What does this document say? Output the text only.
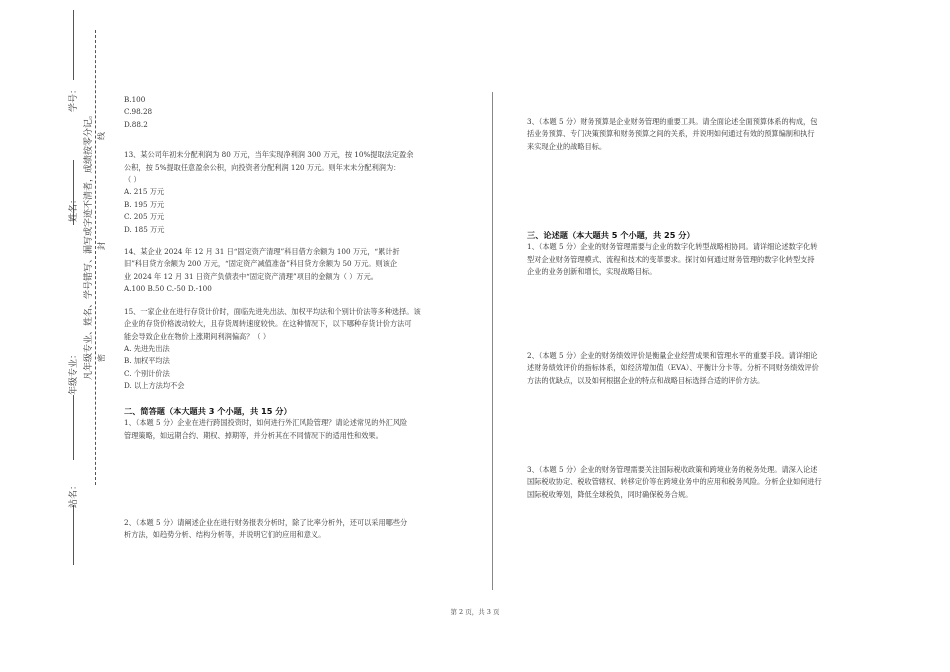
学号：
姓名：
年级专业：
站名：
凡年级专业、姓名、学号错写、漏写或字迹不清者，成绩按零分记。 封
线
密

B.100

C.98.28

D.88.2

13、某公司年初未分配利润为 80 万元，当年实现净利润 300 万元，按 10%提取法定盈余

公积，按 5%提取任意盈余公积，向投资者分配利润 120 万元。则年末未分配利润为：

（ ）

A. 215 万元

B. 195 万元

C. 205 万元

D. 185 万元

14、某企业 2024 年 12 月 31 日“固定资产清理”科目借方余额为 100 万元，“累计折

旧”科目贷方余额为 200 万元，“固定资产减值准备”科目贷方余额为 50 万元。则该企

业 2024 年 12 月 31 日资产负债表中“固定资产清理”项目的金额为（ ）万元。

A.100 B.50 C.-50 D.-100

15、一家企业在进行存货计价时，面临先进先出法、加权平均法和个别计价法等多种选择。该

企业的存货价格波动较大，且存货周转速度较快。在这种情况下，以下哪种存货计价方法可

能会导致企业在物价上涨期间利润偏高？（ ）

A. 先进先出法

B. 加权平均法

C. 个别计价法

D. 以上方法均不会

二、简答题（本大题共 3 个小题，共 15 分）

1、（本题 5 分）企业在进行跨国投资时，如何进行外汇风险管理？请论述常见的外汇风险

管理策略，如远期合约、期权、掉期等，并分析其在不同情况下的适用性和效果。

2、（本题 5 分）请阐述企业在进行财务报表分析时，除了比率分析外，还可以采用哪些分

析方法，如趋势分析、结构分析等，并说明它们的应用和意义。

3、（本题 5 分）财务预算是企业财务管理的重要工具。请全面论述全面预算体系的构成，包

括业务预算、专门决策预算和财务预算之间的关系，并说明如何通过有效的预算编制和执行

来实现企业的战略目标。

三、论述题（本大题共 5 个小题，共 25 分）

1、（本题 5 分）企业的财务管理需要与企业的数字化转型战略相协同。请详细论述数字化转

型对企业财务管理模式、流程和技术的变革要求。探讨如何通过财务管理的数字化转型支持

企业的业务创新和增长，实现战略目标。

2、（本题 5 分）企业的财务绩效评价是衡量企业经营成果和管理水平的重要手段。请详细论

述财务绩效评价的指标体系，如经济增加值（EVA）、平衡计分卡等。分析不同财务绩效评价

方法的优缺点，以及如何根据企业的特点和战略目标选择合适的评价方法。

3、（本题 5 分）企业的财务管理需要关注国际税收政策和跨境业务的税务处理。请深入论述

国际税收协定、税收管辖权、转移定价等在跨境业务中的应用和税务风险。分析企业如何进行

国际税收筹划，降低全球税负，同时确保税务合规。

第 2 页，共 3 页
